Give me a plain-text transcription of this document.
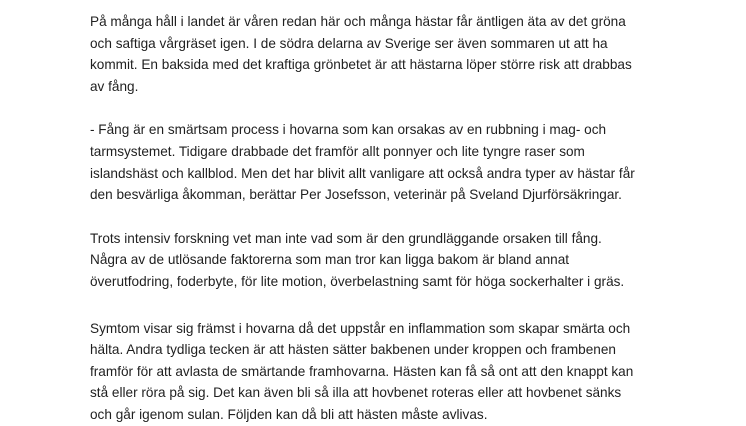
På många håll i landet är våren redan här och många hästar får äntligen äta av det gröna
och saftiga vårgräset igen. I de södra delarna av Sverige ser även sommaren ut att ha
kommit. En baksida med det kraftiga grönbetet är att hästarna löper större risk att drabbas
av fång.

- Fång är en smärtsam process i hovarna som kan orsakas av en rubbning i mag- och
tarmsystemet. Tidigare drabbade det framför allt ponnyer och lite tyngre raser som
islandshäst och kallblod. Men det har blivit allt vanligare att också andra typer av hästar får
den besvärliga åkomman, berättar Per Josefsson, veterinär på Sveland Djurförsäkringar.

Trots intensiv forskning vet man inte vad som är den grundläggande orsaken till fång.
Några av de utlösande faktorerna som man tror kan ligga bakom är bland annat
överutfodring, foderbyte, för lite motion, överbelastning samt för höga sockerhalter i gräs.

Symtom visar sig främst i hovarna då det uppstår en inflammation som skapar smärta och
hälta. Andra tydliga tecken är att hästen sätter bakbenen under kroppen och frambenen
framför för att avlasta de smärtande framhovarna. Hästen kan få så ont att den knappt kan
stå eller röra på sig. Det kan även bli så illa att hovbenet roteras eller att hovbenet sänks
och går igenom sulan. Följden kan då bli att hästen måste avlivas.
